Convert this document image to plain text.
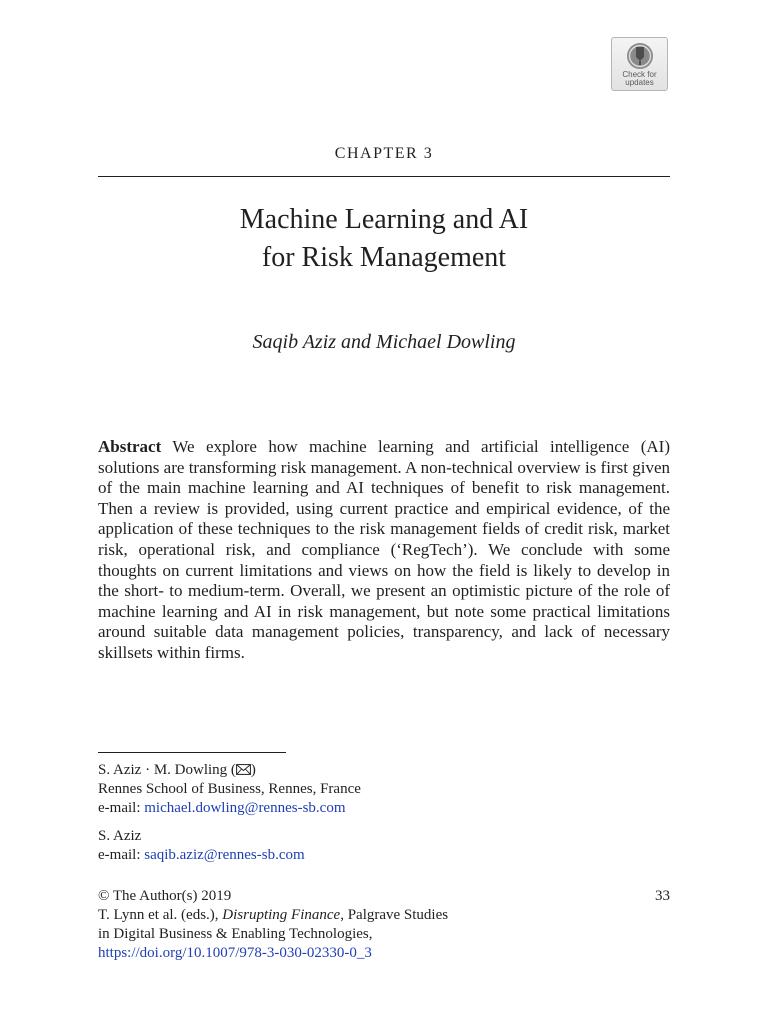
Check for
updates
CHAPTER 3
Machine Learning and AI
for Risk Management
Saqib Aziz and Michael Dowling

Abstract We explore how machine learning and artificial intelligence (AI) solutions are transforming risk management. A non-technical overview is first given of the main machine learning and AI techniques of benefit to risk management. Then a review is provided, using current practice and empirical evidence, of the application of these techniques to the risk management fields of credit risk, market risk, operational risk, and compliance (‘RegTech’). We conclude with some thoughts on current limitations and views on how the field is likely to develop in the short- to medium-term. Overall, we present an optimistic picture of the role of machine learning and AI in risk management, but note some practical limitations around suitable data management policies, transparency, and lack of necessary skillsets within firms.

S. Aziz · M. Dowling ( )
Rennes School of Business, Rennes, France
e-mail: michael.dowling@rennes-sb.com
S. Aziz
e-mail: saqib.aziz@rennes-sb.com
© The Author(s) 2019
T. Lynn et al. (eds.), Disrupting Finance, Palgrave Studies
in Digital Business & Enabling Technologies,
https://doi.org/10.1007/978-3-030-02330-0_3
33
